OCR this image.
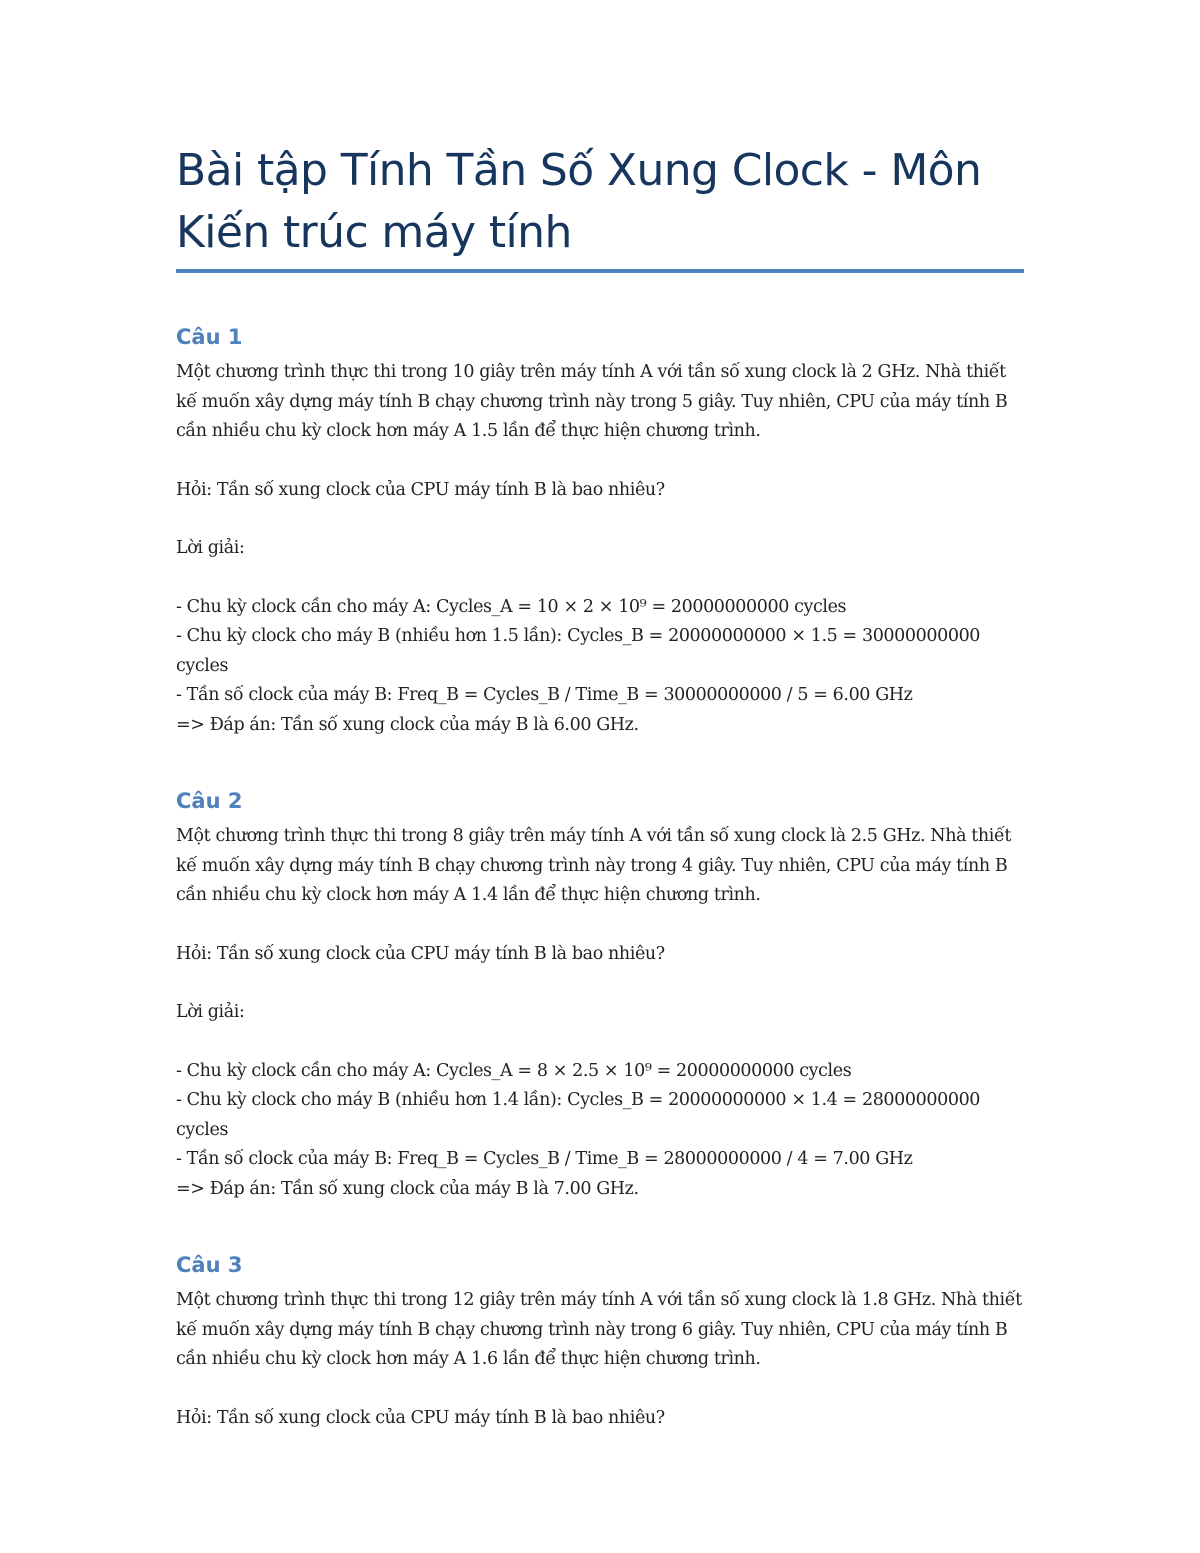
Bài tập Tính Tần Số Xung Clock - Môn
Kiến trúc máy tính
Câu 1

Một chương trình thực thi trong 10 giây trên máy tính A với tần số xung clock là 2 GHz. Nhà thiết kế muốn xây dựng máy tính B chạy chương trình này trong 5 giây. Tuy nhiên, CPU của máy tính B cần nhiều chu kỳ clock hơn máy A 1.5 lần để thực hiện chương trình.

Hỏi: Tần số xung clock của CPU máy tính B là bao nhiêu?

Lời giải:

- Chu kỳ clock cần cho máy A: Cycles_A = 10 × 2 × 10⁹ = 20000000000 cycles
- Chu kỳ clock cho máy B (nhiều hơn 1.5 lần): Cycles_B = 20000000000 × 1.5 = 30000000000 cycles
- Tần số clock của máy B: Freq_B = Cycles_B / Time_B = 30000000000 / 5 = 6.00 GHz
=> Đáp án: Tần số xung clock của máy B là 6.00 GHz.

Câu 2

Một chương trình thực thi trong 8 giây trên máy tính A với tần số xung clock là 2.5 GHz. Nhà thiết kế muốn xây dựng máy tính B chạy chương trình này trong 4 giây. Tuy nhiên, CPU của máy tính B cần nhiều chu kỳ clock hơn máy A 1.4 lần để thực hiện chương trình.

Hỏi: Tần số xung clock của CPU máy tính B là bao nhiêu?

Lời giải:

- Chu kỳ clock cần cho máy A: Cycles_A = 8 × 2.5 × 10⁹ = 20000000000 cycles
- Chu kỳ clock cho máy B (nhiều hơn 1.4 lần): Cycles_B = 20000000000 × 1.4 = 28000000000 cycles
- Tần số clock của máy B: Freq_B = Cycles_B / Time_B = 28000000000 / 4 = 7.00 GHz
=> Đáp án: Tần số xung clock của máy B là 7.00 GHz.

Câu 3

Một chương trình thực thi trong 12 giây trên máy tính A với tần số xung clock là 1.8 GHz. Nhà thiết kế muốn xây dựng máy tính B chạy chương trình này trong 6 giây. Tuy nhiên, CPU của máy tính B cần nhiều chu kỳ clock hơn máy A 1.6 lần để thực hiện chương trình.

Hỏi: Tần số xung clock của CPU máy tính B là bao nhiêu?
